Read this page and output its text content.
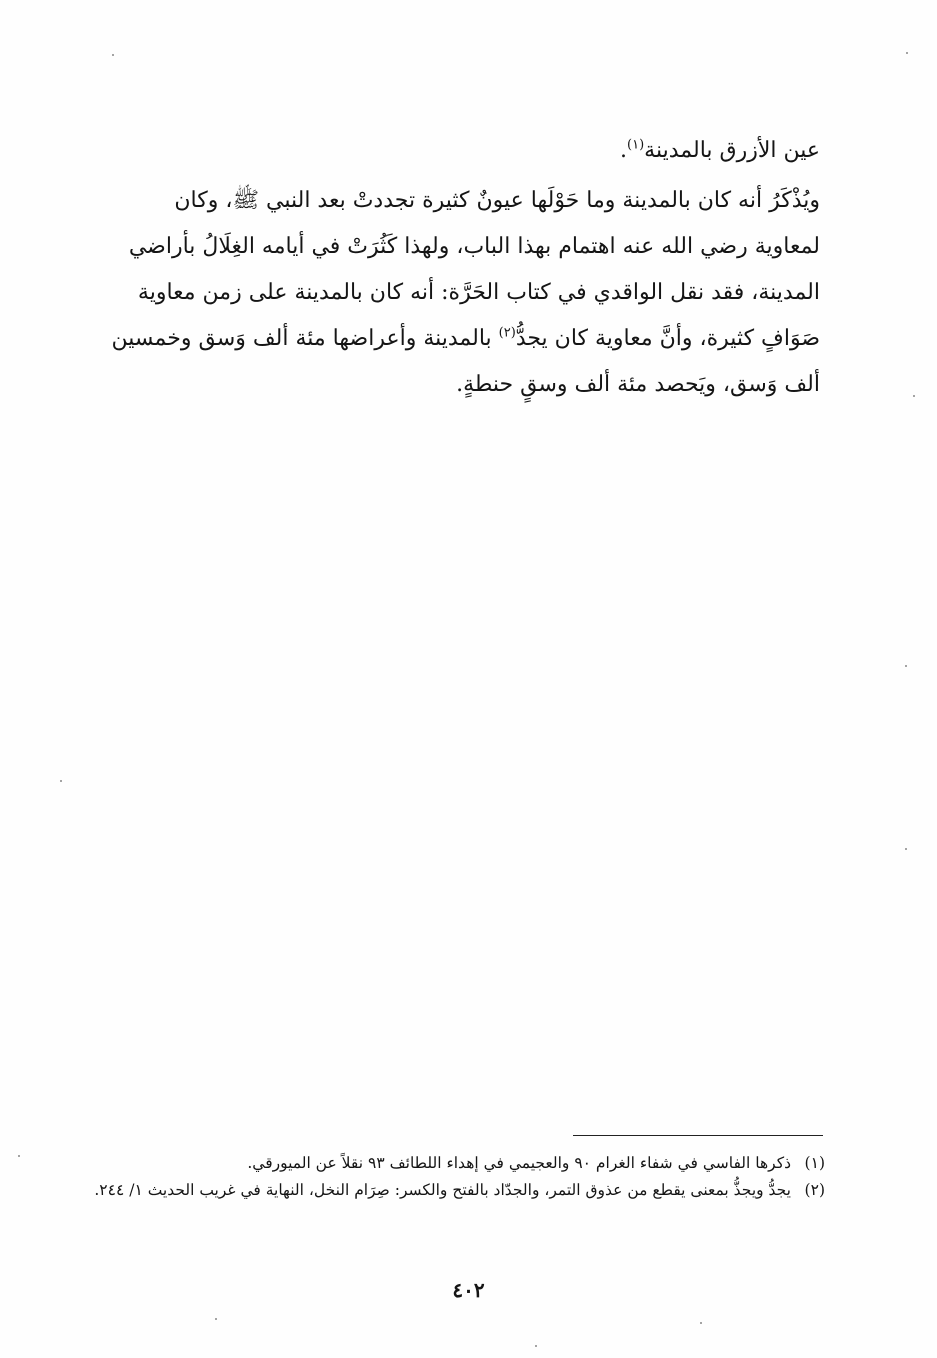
عين الأزرق بالمدينة$^{(١)}$.

ويُذْكَرُ أنه كان بالمدينة وما حَوْلَها عيونٌ كثيرة تجددتْ بعد النبي ﷺ، وكان

لمعاوية رضي الله عنه اهتمام بهذا الباب، ولهذا كَثُرَتْ في أيامه الغِلَالُ بأراضي

المدينة، فقد نقل الواقدي في كتاب الحَرَّة: أنه كان بالمدينة على زمن معاوية

صَوَافٍ كثيرة، وأنَّ معاوية كان يجدُّ$^{(٢)}$ بالمدينة وأعراضها مئة ألف وَسق وخمسين

ألف وَسق، ويَحصد مئة ألف وسقٍ حنطةٍ.

(١)
ذكرها الفاسي في شفاء الغرام ٩٠ والعجيمي في إهداء اللطائف ٩٣ نقلاً عن الميورقي.
(٢)
يجدُّ ويجذُّ بمعنى يقطع من عذوق التمر، والجدّاد بالفتح والكسر: صِرَام النخل، النهاية في غريب الحديث ١/ ٢٤٤.
٤٠٢
